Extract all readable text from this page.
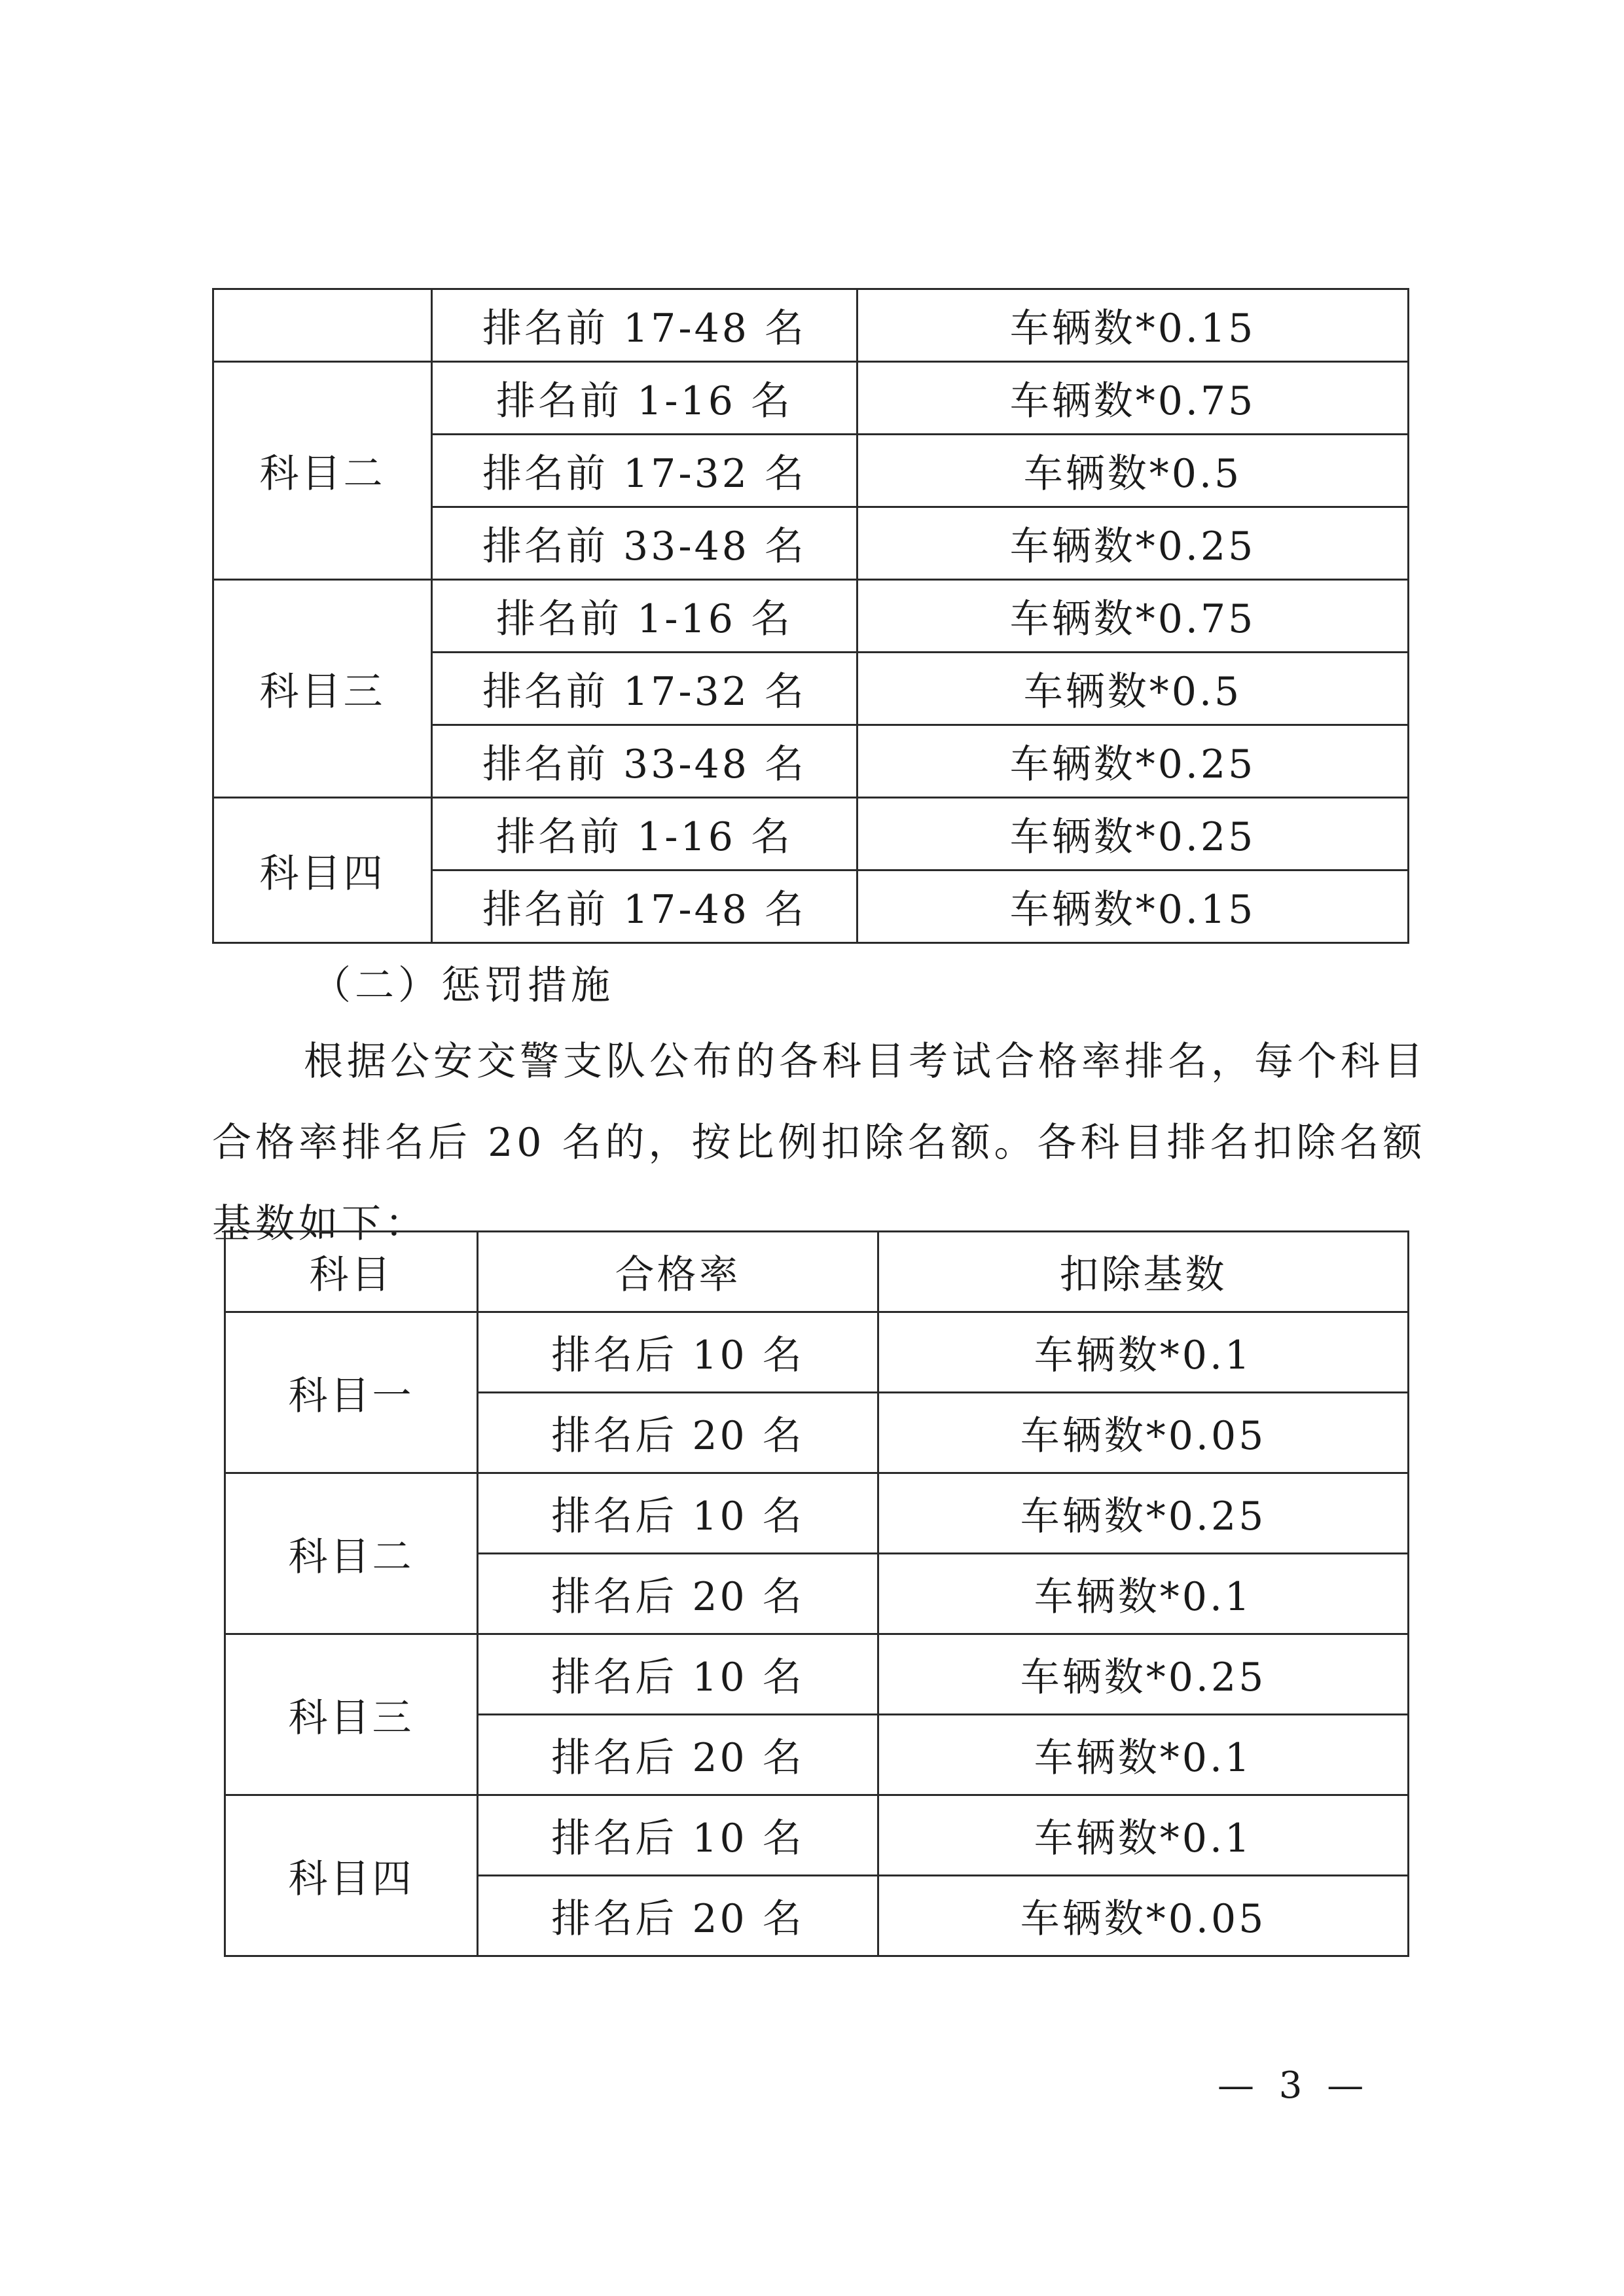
	排名前 17-48 名	车辆数*0.15
科目二	排名前 1-16 名	车辆数*0.75
	排名前 17-32 名	车辆数*0.5
	排名前 33-48 名	车辆数*0.25
科目三	排名前 1-16 名	车辆数*0.75
	排名前 17-32 名	车辆数*0.5
	排名前 33-48 名	车辆数*0.25
科目四	排名前 1-16 名	车辆数*0.25
	排名前 17-48 名	车辆数*0.15

（二）惩罚措施

根据公安交警支队公布的各科目考试合格率排名，每个科目合格率排名后 20 名的，按比例扣除名额。各科目排名扣除名额基数如下：

科目	合格率	扣除基数
科目一	排名后 10 名	车辆数*0.1
	排名后 20 名	车辆数*0.05
科目二	排名后 10 名	车辆数*0.25
	排名后 20 名	车辆数*0.1
科目三	排名后 10 名	车辆数*0.25
	排名后 20 名	车辆数*0.1
科目四	排名后 10 名	车辆数*0.1
	排名后 20 名	车辆数*0.05
— 3 —
